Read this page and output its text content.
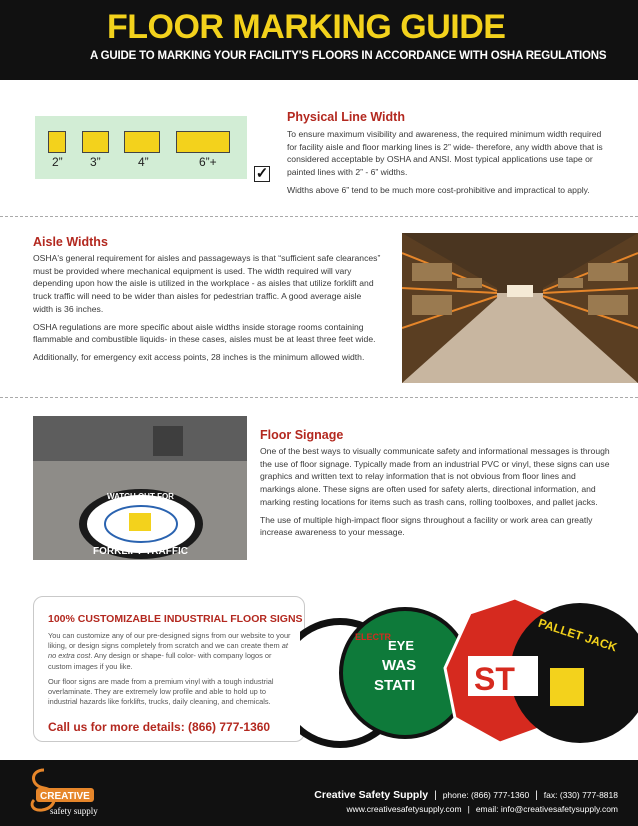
FLOOR MARKING GUIDE
A GUIDE TO MARKING YOUR FACILITY'S FLOORS IN ACCORDANCE WITH OSHA REGULATIONS
2” 3”	4”	6”+
✓
Physical Line Width

To ensure maximum visibility and awareness, the required minimum width required for facility aisle and floor marking lines is 2” wide- therefore, any width above that is considered acceptable by OSHA and ANSI. Most typical applications use tape or painted lines with 2” - 6” widths.

Widths above 6” tend to be much more cost-prohibitive and impractical to apply.

Aisle Widths

OSHA's general requirement for aisles and passageways is that “sufficient safe clearances” must be provided where mechanical equipment is used. The width required will vary depending upon how the aisle is utilized in the workplace - as aisles that utilize forklift and truck traffic will need to be wider than aisles for pedestrian traffic. A good average aisle width is 36 inches.

OSHA regulations are more specific about aisle widths inside storage rooms containing flammable and combustible liquids- in these cases, aisles must be at least three feet wide.

Additionally, for emergency exit access points, 28 inches is the minimum allowed width.

WATCH OUT FOR
FORKLIFT TRAFFIC
Floor Signage

One of the best ways to visually communicate safety and informational messages is through the use of floor signage. Typically made from an industrial PVC or vinyl, these signs can use graphics and written text to relay information that is not obvious from floor lines and markings alone. These signs are often used for safety alerts, directional information, and marking resting locations for items such as trash cans, rolling toolboxes, and pallet jacks.

The use of multiple high-impact floor signs throughout a facility or work area can greatly increase awareness to your message.

100% CUSTOMIZABLE INDUSTRIAL FLOOR SIGNS

You can customize any of our pre-designed signs from our website to your liking, or design signs completely from scratch and we can create them at no extra cost. Any design or shape- full color- with company logos or custom images if you like.

Our floor signs are made from a premium vinyl with a tough industrial overlaminate. They are extremely low profile and able to hold up to industrial hazards like forklifts, trucks, daily cleaning, and chemicals.

Call us for more details: (866) 777-1360
ELECTR
EYE
WAS
STATI ST
PALLET JACK
CREATIVE
safety supply
Creative Safety Supply | phone: (866) 777-1360 | fax: (330) 777-8818
www.creativesafetysupply.com | email: info@creativesafetysupply.com
